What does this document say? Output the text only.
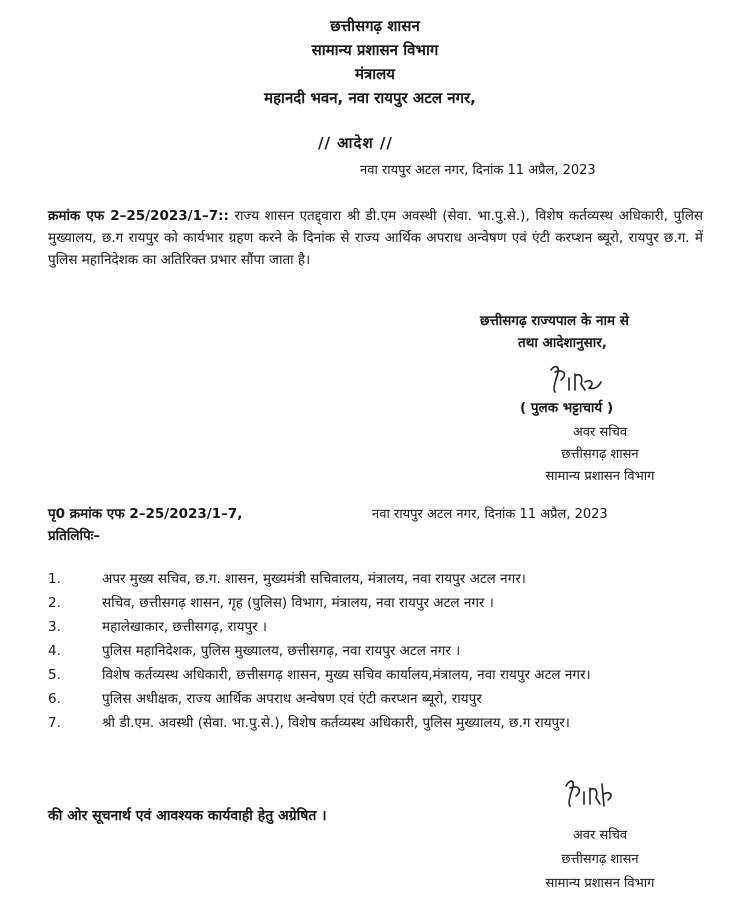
छत्तीसगढ़ शासन
सामान्य प्रशासन विभाग
मंत्रालय
महानदी भवन, नवा रायपुर अटल नगर,
// आदेश //
नवा रायपुर अटल नगर, दिनांक 11 अप्रैल, 2023

क्रमांक एफ 2–25/2023/1–7:: राज्य शासन एतद्द्वारा श्री डी.एम अवस्थी (सेवा. भा.पु.से.), विशेष कर्तव्यस्थ अधिकारी, पुलिस मुख्यालय, छ.ग रायपुर को कार्यभार ग्रहण करने के दिनांक से राज्य आर्थिक अपराध अन्वेषण एवं एंटी करप्शन ब्यूरो, रायपुर छ.ग. में पुलिस महानिदेशक का अतिरिक्त प्रभार सौंपा जाता है।

छत्तीसगढ़ राज्यपाल के नाम से
तथा आदेशानुसार,
( पुलक भट्टाचार्य )
अवर सचिव
छत्तीसगढ़ शासन
सामान्य प्रशासन विभाग
पृ0 क्रमांक एफ 2–25/2023/1–7,	नवा रायपुर अटल नगर, दिनांक 11 अप्रैल, 2023
प्रतिलिपिः–
1.	अपर मुख्य सचिव, छ.ग. शासन, मुख्यमंत्री सचिवालय, मंत्रालय, नवा रायपुर अटल नगर।
2.	सचिव, छत्तीसगढ़ शासन, गृह (पुलिस) विभाग, मंत्रालय, नवा रायपुर अटल नगर ।
3.	महालेखाकार, छत्तीसगढ़, रायपुर ।
4.	पुलिस महानिदेशक, पुलिस मुख्यालय, छत्तीसगढ़, नवा रायपुर अटल नगर ।
5.	विशेष कर्तव्यस्थ अधिकारी, छत्तीसगढ़ शासन, मुख्य सचिव कार्यालय,मंत्रालय, नवा रायपुर अटल नगर।
6.	पुलिस अधीक्षक, राज्य आर्थिक अपराध अन्वेषण एवं एंटी करप्शन ब्यूरो, रायपुर
7.	श्री डी.एम. अवस्थी (सेवा. भा.पु.से.), विशेष कर्तव्यस्थ अधिकारी, पुलिस मुख्यालय, छ.ग रायपुर।
की ओर सूचनार्थ एवं आवश्यक कार्यवाही हेतु अग्रेषित ।
अवर सचिव
छत्तीसगढ़ शासन
सामान्य प्रशासन विभाग
